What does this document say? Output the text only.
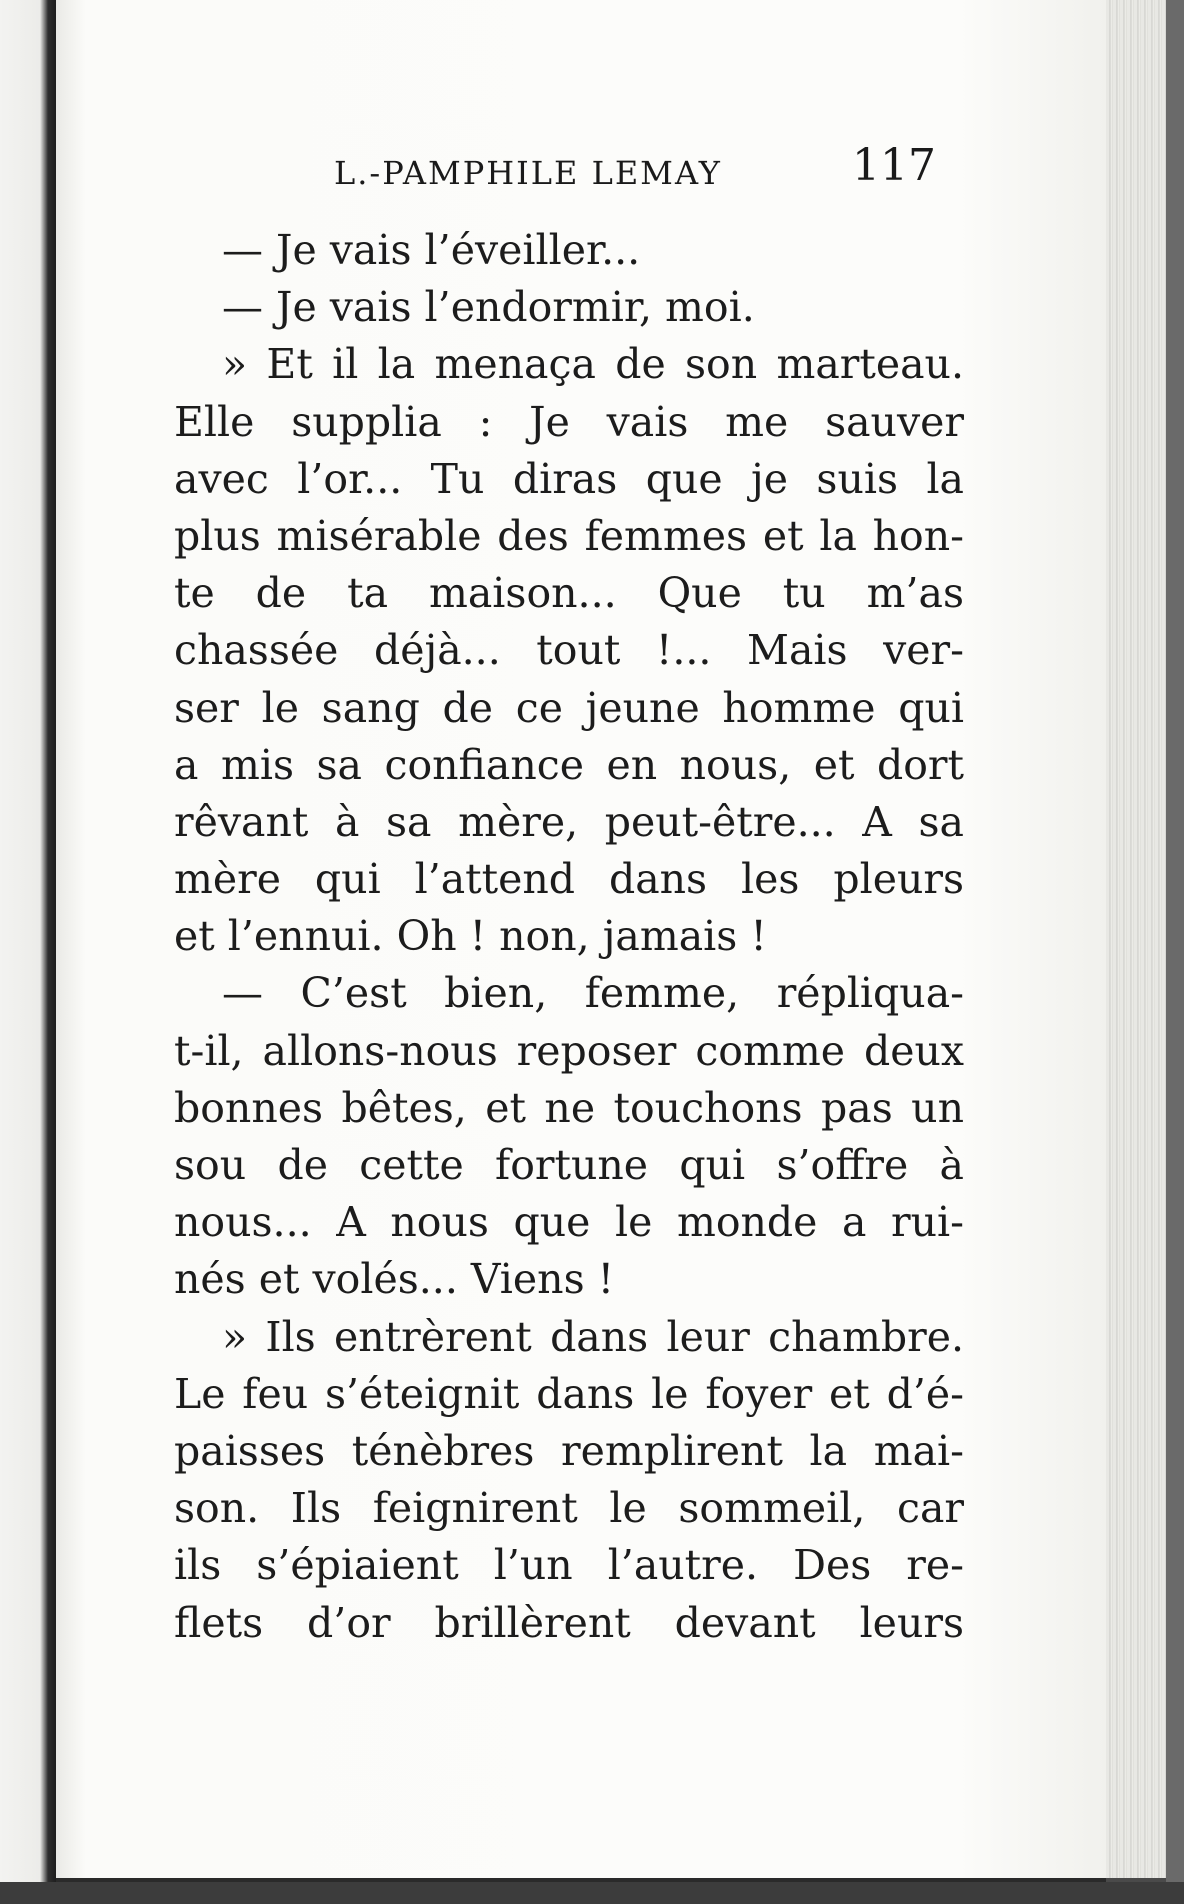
L.-PAMPHILE LEMAY	117
— Je vais l’éveiller...
— Je vais l’endormir, moi.
» Et il la menaça de son marteau.
Elle supplia : Je vais me sauver
avec l’or... Tu diras que je suis la
plus misérable des femmes et la hon-
te de ta maison... Que tu m’as
chassée déjà... tout !... Mais ver-
ser le sang de ce jeune homme qui
a mis sa confiance en nous, et dort
rêvant à sa mère, peut-être... A sa
mère qui l’attend dans les pleurs
et l’ennui. Oh ! non, jamais !
— C’est bien, femme, répliqua-
t-il, allons-nous reposer comme deux
bonnes bêtes, et ne touchons pas un
sou de cette fortune qui s’offre à
nous... A nous que le monde a rui-
nés et volés... Viens !
» Ils entrèrent dans leur chambre.
Le feu s’éteignit dans le foyer et d’é-
paisses ténèbres remplirent la mai-
son. Ils feignirent le sommeil, car
ils s’épiaient l’un l’autre. Des re-
flets d’or brillèrent devant leurs
